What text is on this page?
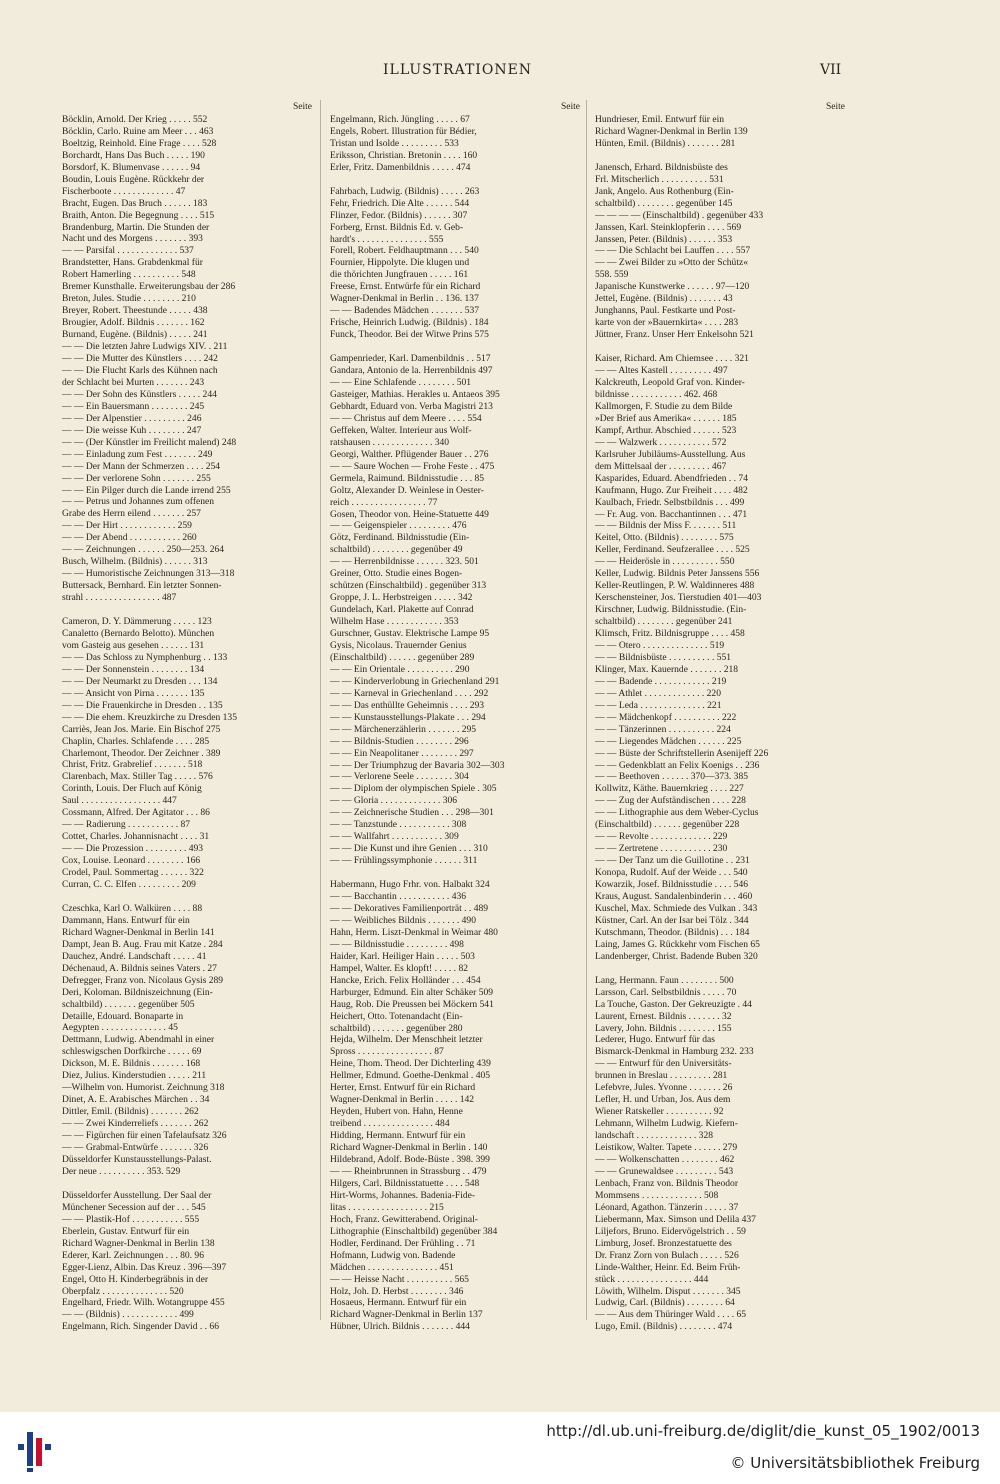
ILLUSTRATIONEN	VII
Seite
Böcklin, Arnold. Der Krieg . . . . . 552
Böcklin, Carlo. Ruine am Meer . . . 463
Boeltzig, Reinhold. Eine Frage . . . . 528
Borchardt, Hans Das Buch . . . . . 190
Borsdorf, K. Blumenvase . . . . . . 94
Boudin, Louis Eugène. Rückkehr der
Fischerboote . . . . . . . . . . . . . 47
Bracht, Eugen. Das Bruch . . . . . . 183
Braith, Anton. Die Begegnung . . . . 515
Brandenburg, Martin. Die Stunden der
Nacht und des Morgens . . . . . . . 393
— — Parsifal . . . . . . . . . . . . . 537
Brandstetter, Hans. Grabdenkmal für
Robert Hamerling . . . . . . . . . . 548
Bremer Kunsthalle. Erweiterungsbau der 286
Breton, Jules. Studie . . . . . . . . 210
Breyer, Robert. Theestunde . . . . . 438
Brougier, Adolf. Bildnis . . . . . . . 162
Burnand, Eugène. (Bildnis) . . . . . 241
— — Die letzten Jahre Ludwigs XIV. . 211
— — Die Mutter des Künstlers . . . . 242
— — Die Flucht Karls des Kühnen nach
der Schlacht bei Murten . . . . . . . 243
— — Der Sohn des Künstlers . . . . . 244
— — Ein Bauersmann . . . . . . . . 245
— — Der Alpenstier . . . . . . . . . 246
— — Die weisse Kuh . . . . . . . . 247
— — (Der Künstler im Freilicht malend) 248
— — Einladung zum Fest . . . . . . . 249
— — Der Mann der Schmerzen . . . . 254
— — Der verlorene Sohn . . . . . . . 255
— — Ein Pilger durch die Lande irrend 255
— — Petrus und Johannes zum offenen
Grabe des Herrn eilend . . . . . . . 257
— — Der Hirt . . . . . . . . . . . . 259
— — Der Abend . . . . . . . . . . . 260
— — Zeichnungen . . . . . . 250—253. 264
Busch, Wilhelm. (Bildnis) . . . . . . 313
— — Humoristische Zeichnungen 313—318
Buttersack, Bernhard. Ein letzter Sonnen-
strahl . . . . . . . . . . . . . . . . 487
Cameron, D. Y. Dämmerung . . . . . 123
Canaletto (Bernardo Belotto). München
vom Gasteig aus gesehen . . . . . . 131
— — Das Schloss zu Nymphenburg . . 133
— — Der Sonnenstein . . . . . . . . 134
— — Der Neumarkt zu Dresden . . . 134
— — Ansicht von Pirna . . . . . . . 135
— — Die Frauenkirche in Dresden . . 135
— — Die ehem. Kreuzkirche zu Dresden 135
Carriès, Jean Jos. Marie. Ein Bischof 275
Chaplin, Charles. Schlafende . . . . 285
Charlemont, Theodor. Der Zeichner . 389
Christ, Fritz. Grabrelief . . . . . . . 518
Clarenbach, Max. Stiller Tag . . . . . 576
Corinth, Louis. Der Fluch auf König
Saul . . . . . . . . . . . . . . . . . 447
Cossmann, Alfred. Der Agitator . . . 86
— — Radierung . . . . . . . . . . . 87
Cottet, Charles. Johannisnacht . . . . 31
— — Die Prozession . . . . . . . . . 493
Cox, Louise. Leonard . . . . . . . . 166
Crodel, Paul. Sommertag . . . . . . 322
Curran, C. C. Elfen . . . . . . . . . 209
Czeschka, Karl O. Walküren . . . . 88
Dammann, Hans. Entwurf für ein
Richard Wagner-Denkmal in Berlin 141
Dampt, Jean B. Aug. Frau mit Katze . 284
Dauchez, André. Landschaft . . . . . 41
Déchenaud, A. Bildnis seines Vaters . 27
Defregger, Franz von. Nicolaus Gysis 289
Deri, Koloman. Bildniszeichnung (Ein-
schaltbild) . . . . . . . gegenüber 505
Detaille, Edouard. Bonaparte in
Aegypten . . . . . . . . . . . . . . 45
Dettmann, Ludwig. Abendmahl in einer
schleswigschen Dorfkirche . . . . . 69
Dickson, M. E. Bildnis . . . . . . . 168
Diez, Julius. Kinderstudien . . . . . 211
—Wilhelm von. Humorist. Zeichnung 318
Dinet, A. E. Arabisches Märchen . . 34
Dittler, Emil. (Bildnis) . . . . . . . 262
— — Zwei Kinderreliefs . . . . . . . 262
— — Figürchen für einen Tafelaufsatz 326
— — Grabmal-Entwürfe . . . . . . . 326
Düsseldorfer Kunstausstellungs-Palast.
Der neue . . . . . . . . . . 353. 529
Düsseldorfer Ausstellung. Der Saal der
Münchener Secession auf der . . . 545
— — Plastik-Hof . . . . . . . . . . . 555
Eberlein, Gustav. Entwurf für ein
Richard Wagner-Denkmal in Berlin 138
Ederer, Karl. Zeichnungen . . . 80. 96
Egger-Lienz, Albin. Das Kreuz . 396—397
Engel, Otto H. Kinderbegräbnis in der
Oberpfalz . . . . . . . . . . . . . . 520
Engelhard, Friedr. Wilh. Wotangruppe 455
— — (Bildnis) . . . . . . . . . . . . 499
Engelmann, Rich. Singender David . . 66
Seite
Engelmann, Rich. Jüngling . . . . . 67
Engels, Robert. Illustration für Bédier,
Tristan und Isolde . . . . . . . . . 533
Eriksson, Christian. Bretonin . . . . 160
Erler, Fritz. Damenbildnis . . . . . 474
Fahrbach, Ludwig. (Bildnis) . . . . . 263
Fehr, Friedrich. Die Alte . . . . . . 544
Flinzer, Fedor. (Bildnis) . . . . . . 307
Forberg, Ernst. Bildnis Ed. v. Geb-
hardt's . . . . . . . . . . . . . . . 555
Forell, Robert. Feldhauptmann . . . 540
Fournier, Hippolyte. Die klugen und
die thörichten Jungfrauen . . . . . 161
Freese, Ernst. Entwürfe für ein Richard
Wagner-Denkmal in Berlin . . 136. 137
— — Badendes Mädchen . . . . . . . 537
Frische, Heinrich Ludwig. (Bildnis) . 184
Funck, Theodor. Bei der Witwe Prins 575
Gampenrieder, Karl. Damenbildnis . . 517
Gandara, Antonio de la. Herrenbildnis 497
— — Eine Schlafende . . . . . . . . 501
Gasteiger, Mathias. Herakles u. Antaeos 395
Gebhardt, Eduard von. Verba Magistri 213
— — Christus auf dem Meere . . . . 554
Geffeken, Walter. Interieur aus Wolf-
ratshausen . . . . . . . . . . . . . 340
Georgi, Walther. Pflügender Bauer . . 276
— — Saure Wochen — Frohe Feste . . 475
Germela, Raimund. Bildnisstudie . . . 85
Goltz, Alexander D. Weinlese in Oester-
reich . . . . . . . . . . . . . . . . 77
Gosen, Theodor von. Heine-Statuette 449
— — Geigenspieler . . . . . . . . . 476
Götz, Ferdinand. Bildnisstudie (Ein-
schaltbild) . . . . . . . . gegenüber 49
— — Herrenbildnisse . . . . . . 323. 501
Greiner, Otto. Studie eines Bogen-
schützen (Einschaltbild) . gegenüber 313
Groppe, J. L. Herbstreigen . . . . . 342
Gundelach, Karl. Plakette auf Conrad
Wilhelm Hase . . . . . . . . . . . . 353
Gurschner, Gustav. Elektrische Lampe 95
Gysis, Nicolaus. Trauernder Genius
(Einschaltbild) . . . . . . gegenüber 289
— — Ein Orientale . . . . . . . . . . 290
— — Kinderverlobung in Griechenland 291
— — Karneval in Griechenland . . . . 292
— — Das enthüllte Geheimnis . . . . 293
— — Kunstausstellungs-Plakate . . . 294
— — Märchenerzählerin . . . . . . . 295
— — Bildnis-Studien . . . . . . . . 296
— — Ein Neapolitaner . . . . . . . . 297
— — Der Triumphzug der Bavaria 302—303
— — Verlorene Seele . . . . . . . . 304
— — Diplom der olympischen Spiele . 305
— — Gloria . . . . . . . . . . . . . 306
— — Zeichnerische Studien . . . 298—301
— — Tanzstunde . . . . . . . . . . . 308
— — Wallfahrt . . . . . . . . . . . 309
— — Die Kunst und ihre Genien . . . 310
— — Frühlingssymphonie . . . . . . 311
Habermann, Hugo Frhr. von. Halbakt 324
— — Bacchantin . . . . . . . . . . . 436
— — Dekoratives Familienporträt . . 489
— — Weibliches Bildnis . . . . . . . 490
Hahn, Herm. Liszt-Denkmal in Weimar 480
— — Bildnisstudie . . . . . . . . . 498
Haider, Karl. Heiliger Hain . . . . . 503
Hampel, Walter. Es klopft! . . . . . 82
Hancke, Erich. Felix Holländer . . . 454
Harburger, Edmund. Ein alter Schäker 509
Haug, Rob. Die Preussen bei Möckern 541
Heichert, Otto. Totenandacht (Ein-
schaltbild) . . . . . . . gegenüber 280
Hejda, Wilhelm. Der Menschheit letzter
Spross . . . . . . . . . . . . . . . . 87
Heine, Thom. Theod. Der Dichterling 439
Hellmer, Edmund. Goethe-Denkmal . 405
Herter, Ernst. Entwurf für ein Richard
Wagner-Denkmal in Berlin . . . . . 142
Heyden, Hubert von. Hahn, Henne
treibend . . . . . . . . . . . . . . . 484
Hidding, Hermann. Entwurf für ein
Richard Wagner-Denkmal in Berlin . 140
Hildebrand, Adolf. Bode-Büste . 398. 399
— — Rheinbrunnen in Strassburg . . 479
Hilgers, Carl. Bildnisstatuette . . . . 548
Hirt-Worms, Johannes. Badenia-Fide-
litas . . . . . . . . . . . . . . . . . 215
Hoch, Franz. Gewitterabend. Original-
Lithographie (Einschaltbild) gegenüber 384
Hodler, Ferdinand. Der Frühling . . 71
Hofmann, Ludwig von. Badende
Mädchen . . . . . . . . . . . . . . . 451
— — Heisse Nacht . . . . . . . . . . 565
Holz, Joh. D. Herbst . . . . . . . . 346
Hosaeus, Hermann. Entwurf für ein
Richard Wagner-Denkmal in Berlin 137
Hübner, Ulrich. Bildnis . . . . . . . 444
Seite
Hundrieser, Emil. Entwurf für ein
Richard Wagner-Denkmal in Berlin 139
Hünten, Emil. (Bildnis) . . . . . . . 281
Janensch, Erhard. Bildnisbüste des
Frl. Mitscherlich . . . . . . . . . . 531
Jank, Angelo. Aus Rothenburg (Ein-
schaltbild) . . . . . . . . gegenüber 145
— — — — (Einschaltbild) . gegenüber 433
Janssen, Karl. Steinklopferin . . . . 569
Janssen, Peter. (Bildnis) . . . . . . 353
— — Die Schlacht bei Lauffen . . . . 557
— — Zwei Bilder zu »Otto der Schütz«
558. 559
Japanische Kunstwerke . . . . . . 97—120
Jettel, Eugène. (Bildnis) . . . . . . . 43
Junghanns, Paul. Festkarte und Post-
karte von der »Bauernkirta« . . . . 283
Jüttner, Franz. Unser Herr Enkelsohn 521
Kaiser, Richard. Am Chiemsee . . . . 321
— — Altes Kastell . . . . . . . . . 497
Kalckreuth, Leopold Graf von. Kinder-
bildnisse . . . . . . . . . . . 462. 468
Kallmorgen, F. Studie zu dem Bilde
»Der Brief aus Amerika« . . . . . . 185
Kampf, Arthur. Abschied . . . . . . 523
— — Walzwerk . . . . . . . . . . . 572
Karlsruher Jubiläums-Ausstellung. Aus
dem Mittelsaal der . . . . . . . . . 467
Kasparides, Eduard. Abendfrieden . . 74
Kaufmann, Hugo. Zur Freiheit . . . . 482
Kaulbach, Friedr. Selbstbildnis . . . 499
— Fr. Aug. von. Bacchantinnen . . . 471
— — Bildnis der Miss F. . . . . . . 511
Keitel, Otto. (Bildnis) . . . . . . . . 575
Keller, Ferdinand. Seufzerallee . . . . 525
— — Heiderösle in . . . . . . . . . . 550
Keller, Ludwig. Bildnis Peter Janssens 556
Keller-Reutlingen, P. W. Waldinneres 488
Kerschensteiner, Jos. Tierstudien 401—403
Kirschner, Ludwig. Bildnisstudie. (Ein-
schaltbild) . . . . . . . . gegenüber 241
Klimsch, Fritz. Bildnisgruppe . . . . 458
— — Otero . . . . . . . . . . . . . . 519
— — Bildnisbüste . . . . . . . . . . 551
Klinger, Max. Kauernde . . . . . . . 218
— — Badende . . . . . . . . . . . . 219
— — Athlet . . . . . . . . . . . . . 220
— — Leda . . . . . . . . . . . . . . 221
— — Mädchenkopf . . . . . . . . . . 222
— — Tänzerinnen . . . . . . . . . . 224
— — Liegendes Mädchen . . . . . . 225
— — Büste der Schriftstellerin Asenijeff 226
— — Gedenkblatt an Felix Koenigs . . 236
— — Beethoven . . . . . . 370—373. 385
Kollwitz, Käthe. Bauernkrieg . . . . 227
— — Zug der Aufständischen . . . . 228
— — Lithographie aus dem Weber-Cyclus
(Einschaltbild) . . . . . . gegenüber 228
— — Revolte . . . . . . . . . . . . . 229
— — Zertretene . . . . . . . . . . . 230
— — Der Tanz um die Guillotine . . 231
Konopa, Rudolf. Auf der Weide . . . 540
Kowarzik, Josef. Bildnisstudie . . . . 546
Kraus, August. Sandalenbinderin . . . 460
Kuschel, Max. Schmiede des Vulkan . 343
Küstner, Carl. An der Isar bei Tölz . 344
Kutschmann, Theodor. (Bildnis) . . . 184
Laing, James G. Rückkehr vom Fischen 65
Landenberger, Christ. Badende Buben 320
Lang, Hermann. Faun . . . . . . . . 500
Larsson, Carl. Selbstbildnis . . . . . 70
La Touche, Gaston. Der Gekreuzigte . 44
Laurent, Ernest. Bildnis . . . . . . . 32
Lavery, John. Bildnis . . . . . . . . 155
Lederer, Hugo. Entwurf für das
Bismarck-Denkmal in Hamburg 232. 233
— — Entwurf für den Universitäts-
brunnen in Breslau . . . . . . . . . 281
Lefebvre, Jules. Yvonne . . . . . . . 26
Lefler, H. und Urban, Jos. Aus dem
Wiener Ratskeller . . . . . . . . . . 92
Lehmann, Wilhelm Ludwig. Kiefern-
landschaft . . . . . . . . . . . . . 328
Leistikow, Walter. Tapete . . . . . . 279
— — Wolkenschatten . . . . . . . . 462
— — Grunewaldsee . . . . . . . . . 543
Lenbach, Franz von. Bildnis Theodor
Mommsens . . . . . . . . . . . . . 508
Léonard, Agathon. Tänzerin . . . . . 37
Liebermann, Max. Simson und Delila 437
Liljefors, Bruno. Eidervögelstrich . . 59
Limburg, Josef. Bronzestatuette des
Dr. Franz Zorn von Bulach . . . . . 526
Linde-Walther, Heinr. Ed. Beim Früh-
stück . . . . . . . . . . . . . . . . 444
Löwith, Wilhelm. Disput . . . . . . . 345
Ludwig, Carl. (Bildnis) . . . . . . . . 64
— — Aus dem Thüringer Wald . . . . 65
Lugo, Emil. (Bildnis) . . . . . . . . 474
http://dl.ub.uni-freiburg.de/diglit/die_kunst_05_1902/0013
© Universitätsbibliothek Freiburg
